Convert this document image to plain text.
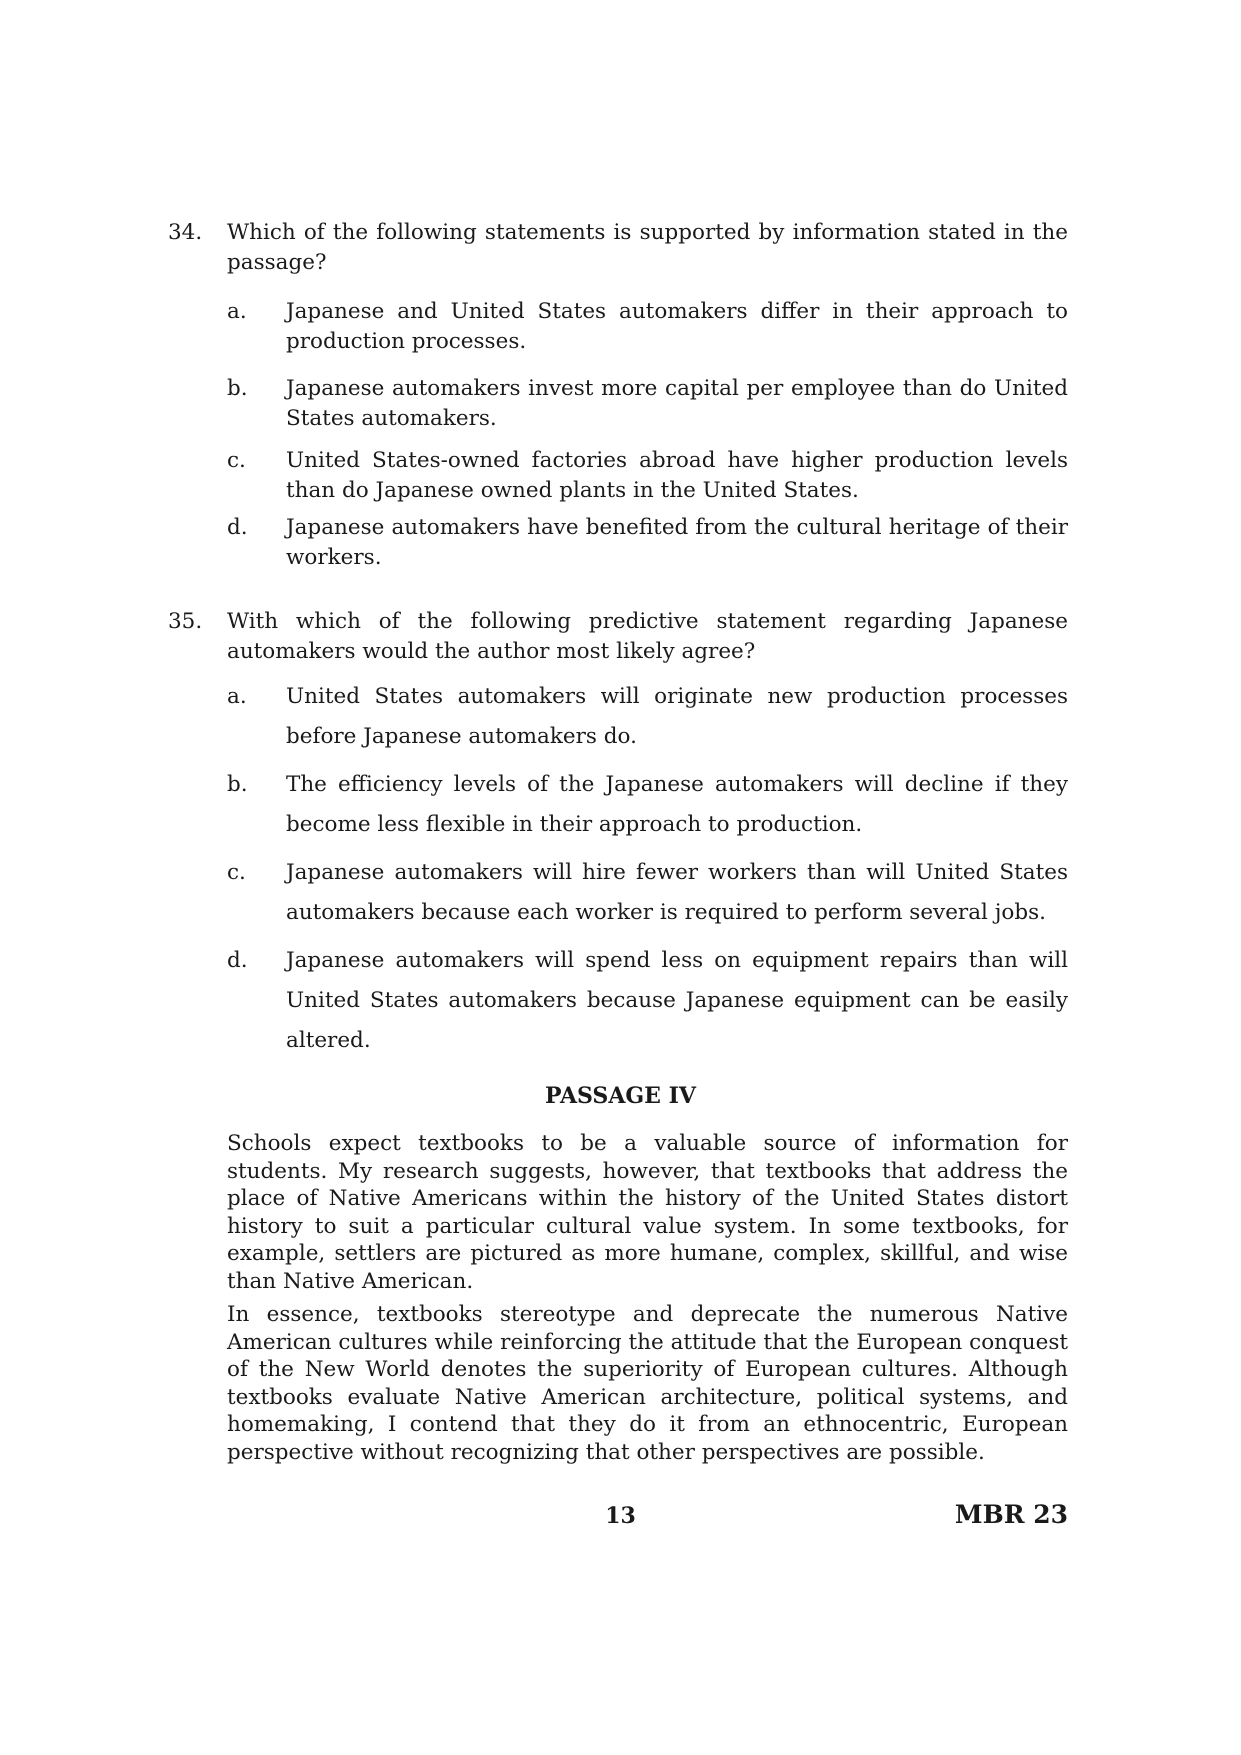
34.	Which of the following statements is supported by information stated in the passage?
a.	Japanese and United States automakers differ in their approach to production processes.
b.	Japanese automakers invest more capital per employee than do United States automakers.
c.	United States-owned factories abroad have higher production levels than do Japanese owned plants in the United States.
d.	Japanese automakers have benefited from the cultural heritage of their workers.
35.	With which of the following predictive statement regarding Japanese automakers would the author most likely agree?
a.	United States automakers will originate new production processes before Japanese automakers do.
b.	The efficiency levels of the Japanese automakers will decline if they become less flexible in their approach to production.
c.	Japanese automakers will hire fewer workers than will United States automakers because each worker is required to perform several jobs.
d.	Japanese automakers will spend less on equipment repairs than will United States automakers because Japanese equipment can be easily altered.
PASSAGE IV

Schools expect textbooks to be a valuable source of information for students. My research suggests, however, that textbooks that address the place of Native Americans within the history of the United States distort history to suit a particular cultural value system. In some textbooks, for example, settlers are pictured as more humane, complex, skillful, and wise than Native American.

In essence, textbooks stereotype and deprecate the numerous Native American cultures while reinforcing the attitude that the European conquest of the New World denotes the superiority of European cultures. Although textbooks evaluate Native American architecture, political systems, and homemaking, I contend that they do it from an ethnocentric, European perspective without recognizing that other perspectives are possible.

13	MBR 23
